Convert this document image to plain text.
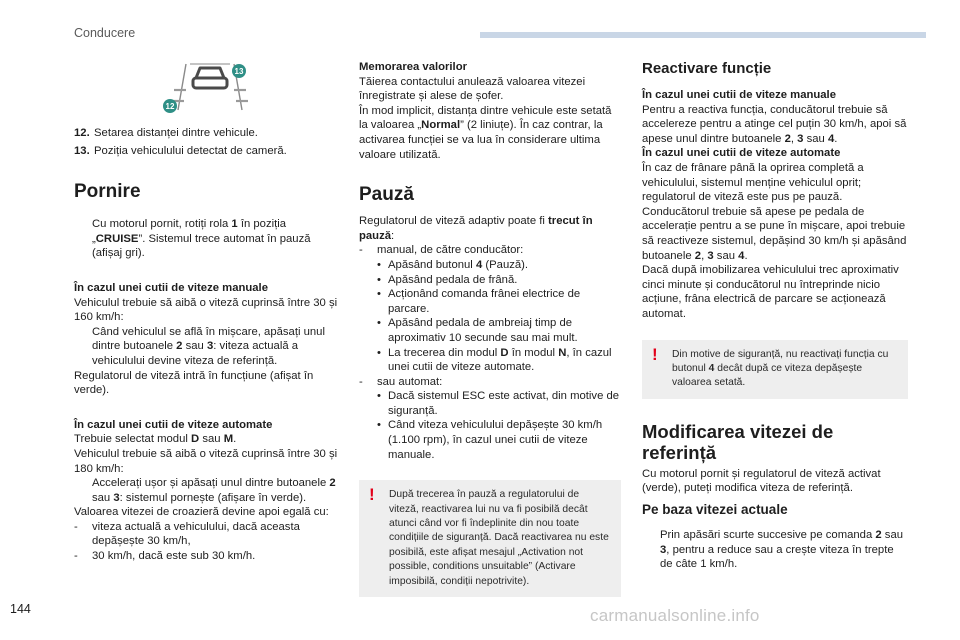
Conducere
13
12
12. Setarea distanței dintre vehicule.
13. Poziția vehiculului detectat de cameră.
Pornire
Cu motorul pornit, rotiți rola 1 în poziția „CRUISE”. Sistemul trece automat în pauză (afișaj gri).
În cazul unei cutii de viteze manuale

Vehiculul trebuie să aibă o viteză cuprinsă între 30 și 160 km/h:

Când vehiculul se află în mișcare, apăsați unul dintre butoanele 2 sau 3: viteza actuală a vehiculului devine viteza de referință.

Regulatorul de viteză intră în funcțiune (afișat în verde).

În cazul unei cutii de viteze automate

Trebuie selectat modul D sau M.

Vehiculul trebuie să aibă o viteză cuprinsă între 30 și 180 km/h:

Accelerați ușor și apăsați unul dintre butoanele 2 sau 3: sistemul pornește (afișare în verde).

Valoarea vitezei de croazieră devine apoi egală cu:

-	viteza actuală a vehiculului, dacă aceasta depășește 30 km/h,
-	30 km/h, dacă este sub 30 km/h.
Memorarea valorilor

Tăierea contactului anulează valoarea vitezei înregistrate și alese de șofer.

În mod implicit, distanța dintre vehicule este setată la valoarea „Normal” (2 liniuțe). În caz contrar, la activarea funcției se va lua în considerare ultima valoare utilizată.

Pauză

Regulatorul de viteză adaptiv poate fi trecut în pauză:

-	manual, de către conducător:
• Apăsând butonul 4 (Pauză).
• Apăsând pedala de frână.
• Acționând comanda frânei electrice de parcare.
• Apăsând pedala de ambreiaj timp de aproximativ 10 secunde sau mai mult.
• La trecerea din modul D în modul N, în cazul unei cutii de viteze automate.
-	sau automat:
• Dacă sistemul ESC este activat, din motive de siguranță.
• Când viteza vehiculului depășește 30 km/h (1.100 rpm), în cazul unei cutii de viteze manuale.
! După trecerea în pauză a regulatorului de viteză, reactivarea lui nu va fi posibilă decât atunci când vor fi îndeplinite din nou toate condițiile de siguranță. Dacă reactivarea nu este posibilă, este afișat mesajul „Activation not possible, conditions unsuitable” (Activare imposibilă, condiții nepotrivite).
Reactivare funcție
În cazul unei cutii de viteze manuale

Pentru a reactiva funcția, conducătorul trebuie să accelereze pentru a atinge cel puțin 30 km/h, apoi să apese unul dintre butoanele 2, 3 sau 4.

În cazul unei cutii de viteze automate

În caz de frânare până la oprirea completă a vehiculului, sistemul menține vehiculul oprit; regulatorul de viteză este pus pe pauză.

Conducătorul trebuie să apese pe pedala de accelerație pentru a se pune în mișcare, apoi trebuie să reactiveze sistemul, depășind 30 km/h și apăsând butoanele 2, 3 sau 4.

Dacă după imobilizarea vehiculului trec aproximativ cinci minute și conducătorul nu întreprinde nicio acțiune, frâna electrică de parcare se acționează automat.

! Din motive de siguranță, nu reactivați funcția cu butonul 4 decât după ce viteza depășește valoarea setată.
Modificarea vitezei de referință

Cu motorul pornit și regulatorul de viteză activat (verde), puteți modifica viteza de referință.

Pe baza vitezei actuale
Prin apăsări scurte succesive pe comanda 2 sau 3, pentru a reduce sau a crește viteza în trepte de câte 1 km/h.
144	carmanualsonline.info
